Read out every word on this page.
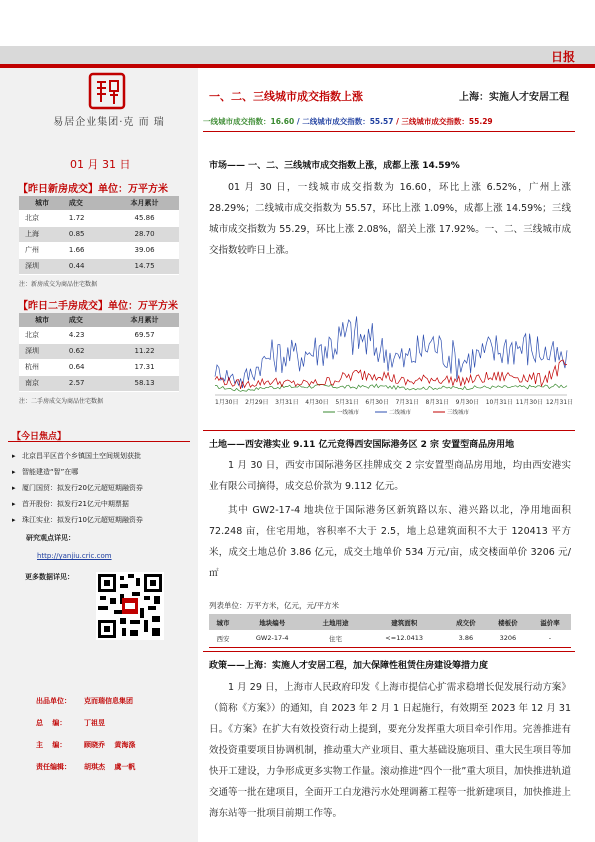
日报
易居企业集团·克 而 瑞
01 月 31 日
【昨日新房成交】单位：万平方米
城市	成交	本月累计
北京	1.72	45.86
上海	0.85	28.70
广州	1.66	39.06
深圳	0.44	14.75
注：新房成交为商品住宅数据
【昨日二手房成交】单位：万平方米
城市	成交	本月累计
北京	4.23	69.57
深圳	0.62	11.22
杭州	0.64	17.31
南京	2.57	58.13
注：二手房成交为商品住宅数据
【今日焦点】
▸ 北京昌平区首个乡镇国土空间规划获批
▸ 智能建造“智”在哪
▸ 厦门国贸：拟发行20亿元超短期融资券
▸ 首开股份：拟发行21亿元中期票据
▸ 珠江实业：拟发行10亿元超短期融资券
研究观点详见：
http://yanjiu.cric.com
更多数据详见：
出品单位： 克而瑞信息集团
总　 编：	丁祖昱
主　 编：	顾晓乔　 黄海涤
责任编辑： 胡琪杰　 虞一帆
一、二、三线城市成交指数上涨	上海：实施人才安居工程
一线城市成交指数：16.60 / 二线城市成交指数：55.57 / 三线城市成交指数：55.29
市场—— 一、二、三线城市成交指数上涨，成都上涨 14.59%
01 月 30 日，一线城市成交指数为 16.60，环比上涨 6.52%，广州上涨 28.29%；二线城市成交指数为 55.57，环比上涨 1.09%，成都上涨 14.59%；三线城市成交指数为 55.29，环比上涨 2.08%，韶关上涨 17.92%。一、二、三线城市成交指数较昨日上涨。
1月30日 2月29日 3月31日 4月30日 5月31日 6月30日 7月31日 8月31日 9月30日 10月31日 11月30日 12月31日
一线城市	二线城市	三线城市
土地——西安港实业 9.11 亿元竞得西安国际港务区 2 宗 安置型商品房用地
1 月 30 日，西安市国际港务区挂牌成交 2 宗安置型商品房用地，均由西安港实业有限公司摘得，成交总价款为 9.112 亿元。
其中 GW2-17-4 地块位于国际港务区新筑路以东、港兴路以北，净用地面积 72.248 亩，住宅用地，容积率不大于 2.5，地上总建筑面积不大于 120413 平方米，成交土地总价 3.86 亿元，成交土地单价 534 万元/亩，成交楼面单价 3206 元/㎡
列表单位：万平方米，亿元，元/平方米
城市	地块编号	土地用途	建筑面积	成交价	楼板价	溢价率
西安	GW2-17-4	住宅	<=12.0413	3.86	3206	-
政策——上海：实施人才安居工程，加大保障性租赁住房建设筹措力度
1 月 29 日，上海市人民政府印发《上海市提信心扩需求稳增长促发展行动方案》（简称《方案》）的通知，自 2023 年 2 月 1 日起施行，有效期至 2023 年 12 月 31 日。《方案》在扩大有效投资行动上提到，要充分发挥重大项目牵引作用。完善推进有效投资重要项目协调机制，推动重大产业项目、重大基础设施项目、重大民生项目等加快开工建设，力争形成更多实物工作量。滚动推进“四个一批”重大项目，加快推进轨道交通等一批在建项目，全面开工白龙港污水处理调蓄工程等一批新建项目，加快推进上海东站等一批项目前期工作等。
